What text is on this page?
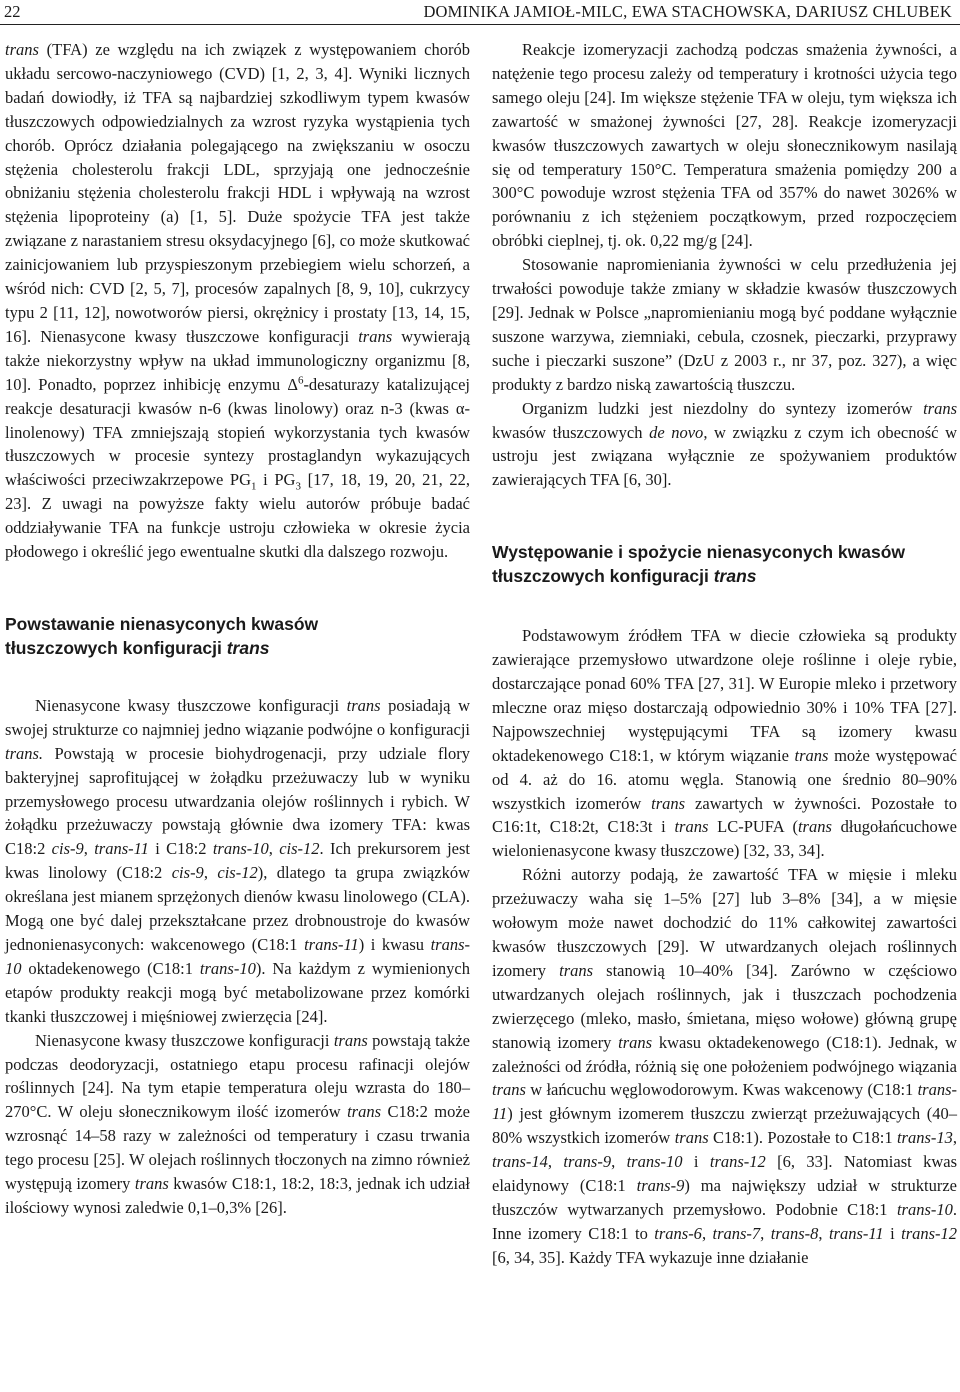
22	DOMINIKA JAMIOŁ-MILC, EWA STACHOWSKA, DARIUSZ CHLUBEK

trans (TFA) ze względu na ich związek z występowaniem chorób układu sercowo-naczyniowego (CVD) [1, 2, 3, 4]. Wyniki licznych badań dowiodły, iż TFA są najbardziej szkodliwym typem kwasów tłuszczowych odpowiedzialnych za wzrost ryzyka wystąpienia tych chorób. Oprócz działania polegającego na zwiększaniu w osoczu stężenia cholesterolu frakcji LDL, sprzyjają one jednocześnie obniżaniu stężenia cholesterolu frakcji HDL i wpływają na wzrost stężenia lipoproteiny (a) [1, 5]. Duże spożycie TFA jest także związane z narastaniem stresu oksydacyjnego [6], co może skutkować zainicjowaniem lub przyspieszonym przebiegiem wielu schorzeń, a wśród nich: CVD [2, 5, 7], procesów zapalnych [8, 9, 10], cukrzycy typu 2 [11, 12], nowotworów piersi, okrężnicy i prostaty [13, 14, 15, 16]. Nienasycone kwasy tłuszczowe konfiguracji trans wywierają także niekorzystny wpływ na układ immunologiczny organizmu [8, 10]. Ponadto, poprzez inhibicję enzymu $\Delta^6$-desaturazy katalizującej reakcje desaturacji kwasów n-6 (kwas linolowy) oraz n-3 (kwas α-linolenowy) TFA zmniejszają stopień wykorzystania tych kwasów tłuszczowych w procesie syntezy prostaglandyn wykazujących właściwości przeciwzakrzepowe $PG_1$ i $PG_3$ [17, 18, 19, 20, 21, 22, 23]. Z uwagi na powyższe fakty wielu autorów próbuje badać oddziaływanie TFA na funkcje ustroju człowieka w okresie życia płodowego i określić jego ewentualne skutki dla dalszego rozwoju.

Powstawanie nienasyconych kwasów
tłuszczowych konfiguracji trans

Nienasycone kwasy tłuszczowe konfiguracji trans posiadają w swojej strukturze co najmniej jedno wiązanie podwójne o konfiguracji trans. Powstają w procesie biohydrogenacji, przy udziale flory bakteryjnej saprofitującej w żołądku przeżuwaczy lub w wyniku przemysłowego procesu utwardzania olejów roślinnych i rybich. W żołądku przeżuwaczy powstają głównie dwa izomery TFA: kwas C18:2 cis-9, trans-11 i C18:2 trans-10, cis-12. Ich prekursorem jest kwas linolowy (C18:2 cis-9, cis-12), dlatego ta grupa związków określana jest mianem sprzężonych dienów kwasu linolowego (CLA). Mogą one być dalej przekształcane przez drobnoustroje do kwasów jednonienasyconych: wakcenowego (C18:1 trans-11) i kwasu trans-10 oktadekenowego (C18:1 trans-10). Na każdym z wymienionych etapów produkty reakcji mogą być metabolizowane przez komórki tkanki tłuszczowej i mięśniowej zwierzęcia [24].

Nienasycone kwasy tłuszczowe konfiguracji trans powstają także podczas deodoryzacji, ostatniego etapu procesu rafinacji olejów roślinnych [24]. Na tym etapie temperatura oleju wzrasta do 180–270°C. W oleju słonecznikowym ilość izomerów trans C18:2 może wzrosnąć 14–58 razy w zależności od temperatury i czasu trwania tego procesu [25]. W olejach roślinnych tłoczonych na zimno również występują izomery trans kwasów C18:1, 18:2, 18:3, jednak ich udział ilościowy wynosi zaledwie 0,1–0,3% [26].

Reakcje izomeryzacji zachodzą podczas smażenia żywności, a natężenie tego procesu zależy od temperatury i krotności użycia tego samego oleju [24]. Im większe stężenie TFA w oleju, tym większa ich zawartość w smażonej żywności [27, 28]. Reakcje izomeryzacji kwasów tłuszczowych zawartych w oleju słonecznikowym nasilają się od temperatury 150°C. Temperatura smażenia pomiędzy 200 a 300°C powoduje wzrost stężenia TFA od 357% do nawet 3026% w porównaniu z ich stężeniem początkowym, przed rozpoczęciem obróbki cieplnej, tj. ok. 0,22 mg/g [24].

Stosowanie napromieniania żywności w celu przedłużenia jej trwałości powoduje także zmiany w składzie kwasów tłuszczowych [29]. Jednak w Polsce „napromienianiu mogą być poddane wyłącznie suszone warzywa, ziemniaki, cebula, czosnek, pieczarki, przyprawy suche i pieczarki suszone” (DzU z 2003 r., nr 37, poz. 327), a więc produkty z bardzo niską zawartością tłuszczu.

Organizm ludzki jest niezdolny do syntezy izomerów trans kwasów tłuszczowych de novo, w związku z czym ich obecność w ustroju jest związana wyłącznie ze spożywaniem produktów zawierających TFA [6, 30].

Występowanie i spożycie nienasyconych kwasów
tłuszczowych konfiguracji trans

Podstawowym źródłem TFA w diecie człowieka są produkty zawierające przemysłowo utwardzone oleje roślinne i oleje rybie, dostarczające ponad 60% TFA [27, 31]. W Europie mleko i przetwory mleczne oraz mięso dostarczają odpowiednio 30% i 10% TFA [27]. Najpowszechniej występującymi TFA są izomery kwasu oktadekenowego C18:1, w którym wiązanie trans może występować od 4. aż do 16. atomu węgla. Stanowią one średnio 80–90% wszystkich izomerów trans zawartych w żywności. Pozostałe to C16:1t, C18:2t, C18:3t i trans LC-PUFA (trans długołańcuchowe wielonienasycone kwasy tłuszczowe) [32, 33, 34].

Różni autorzy podają, że zawartość TFA w mięsie i mleku przeżuwaczy waha się 1–5% [27] lub 3–8% [34], a w mięsie wołowym może nawet dochodzić do 11% całkowitej zawartości kwasów tłuszczowych [29]. W utwardzanych olejach roślinnych izomery trans stanowią 10–40% [34]. Zarówno w częściowo utwardzanych olejach roślinnych, jak i tłuszczach pochodzenia zwierzęcego (mleko, masło, śmietana, mięso wołowe) główną grupę stanowią izomery trans kwasu oktadekenowego (C18:1). Jednak, w zależności od źródła, różnią się one położeniem podwójnego wiązania trans w łańcuchu węglowodorowym. Kwas wakcenowy (C18:1 trans-11) jest głównym izomerem tłuszczu zwierząt przeżuwających (40–80% wszystkich izomerów trans C18:1). Pozostałe to C18:1 trans-13, trans-14, trans-9, trans-10 i trans-12 [6, 33]. Natomiast kwas elaidynowy (C18:1 trans-9) ma największy udział w strukturze tłuszczów wytwarzanych przemysłowo. Podobnie C18:1 trans-10. Inne izomery C18:1 to trans-6, trans-7, trans-8, trans-11 i trans-12 [6, 34, 35]. Każdy TFA wykazuje inne działanie
